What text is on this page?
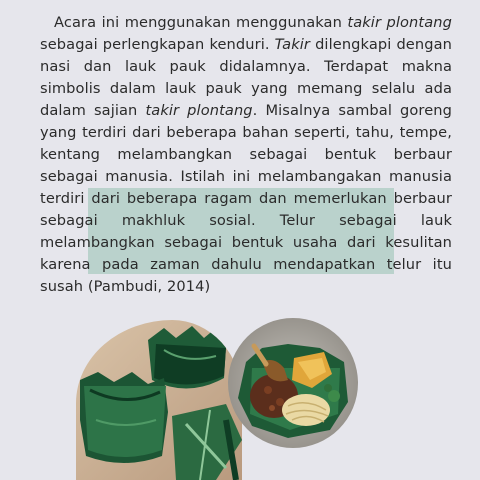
Acara ini menggunakan menggunakan takir plontang sebagai perlengkapan kenduri. Takir dilengkapi dengan nasi dan lauk pauk didalamnya. Terdapat makna simbolis dalam lauk pauk yang memang selalu ada dalam sajian takir plontang. Misalnya sambal goreng yang terdiri dari beberapa bahan seperti, tahu, tempe, kentang melambangkan sebagai bentuk berbaur sebagai manusia. Istilah ini melambangakan manusia terdiri dari beberapa ragam dan memerlukan berbaur sebagai makhluk sosial. Telur sebagai lauk melambangkan sebagai bentuk usaha dari kesulitan karena pada zaman dahulu mendapatkan telur itu susah (Pambudi, 2014)
